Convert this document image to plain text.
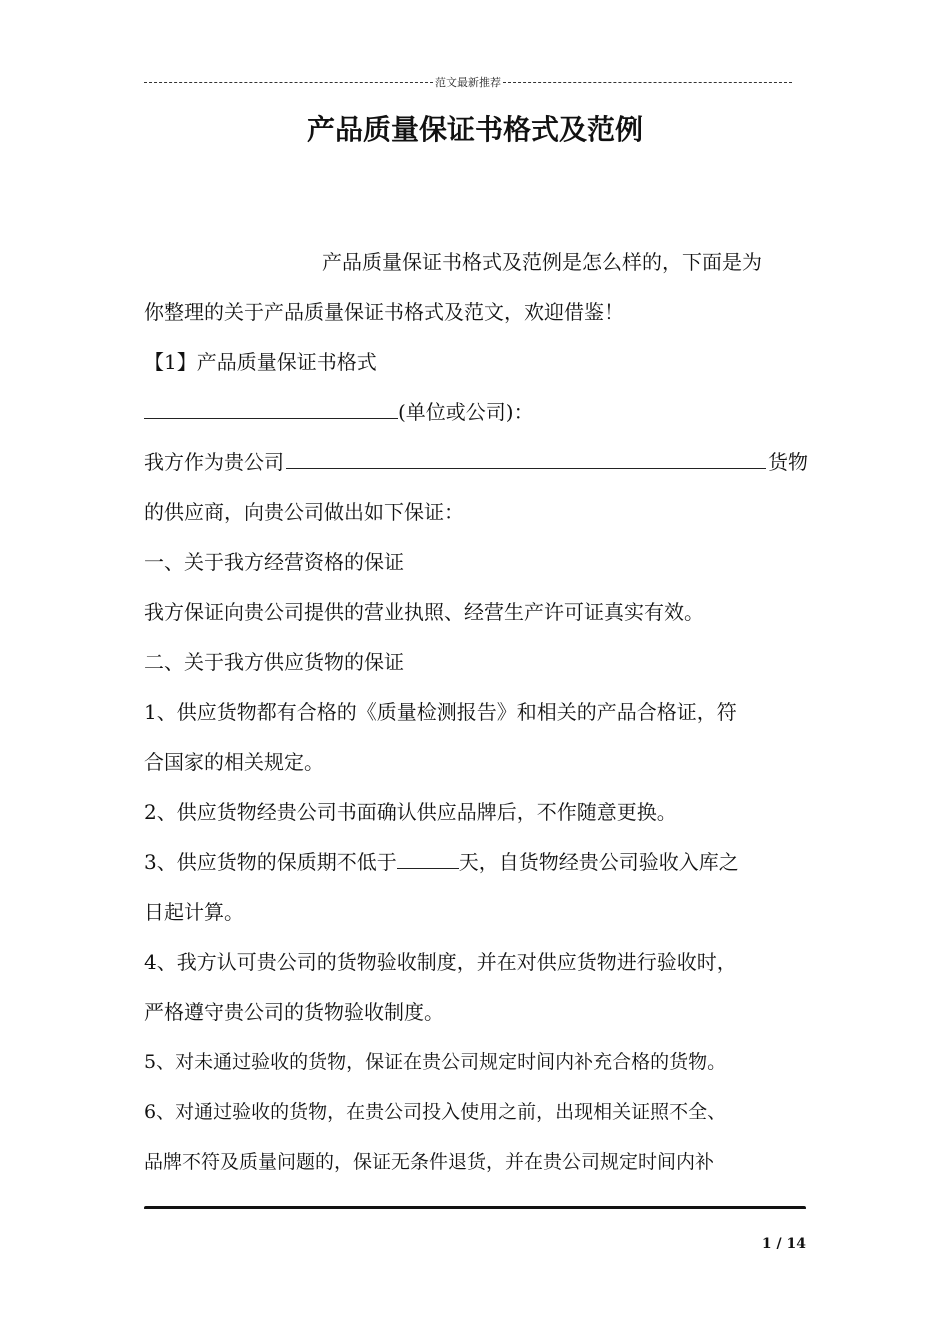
范文最新推荐
产品质量保证书格式及范例
产品质量保证书格式及范例是怎么样的，下面是为
你整理的关于产品质量保证书格式及范文，欢迎借鉴！
【1】产品质量保证书格式
(单位或公司)：
我方作为贵公司	货物
的供应商，向贵公司做出如下保证：
一、关于我方经营资格的保证
我方保证向贵公司提供的营业执照、经营生产许可证真实有效。
二、关于我方供应货物的保证
1、供应货物都有合格的《质量检测报告》和相关的产品合格证，符
合国家的相关规定。
2、供应货物经贵公司书面确认供应品牌后，不作随意更换。
3、供应货物的保质期不低于	天，自货物经贵公司验收入库之
日起计算。
4、我方认可贵公司的货物验收制度，并在对供应货物进行验收时，
严格遵守贵公司的货物验收制度。
5、对未通过验收的货物，保证在贵公司规定时间内补充合格的货物。
6、对通过验收的货物，在贵公司投入使用之前，出现相关证照不全、
品牌不符及质量问题的，保证无条件退货，并在贵公司规定时间内补
1 / 14
